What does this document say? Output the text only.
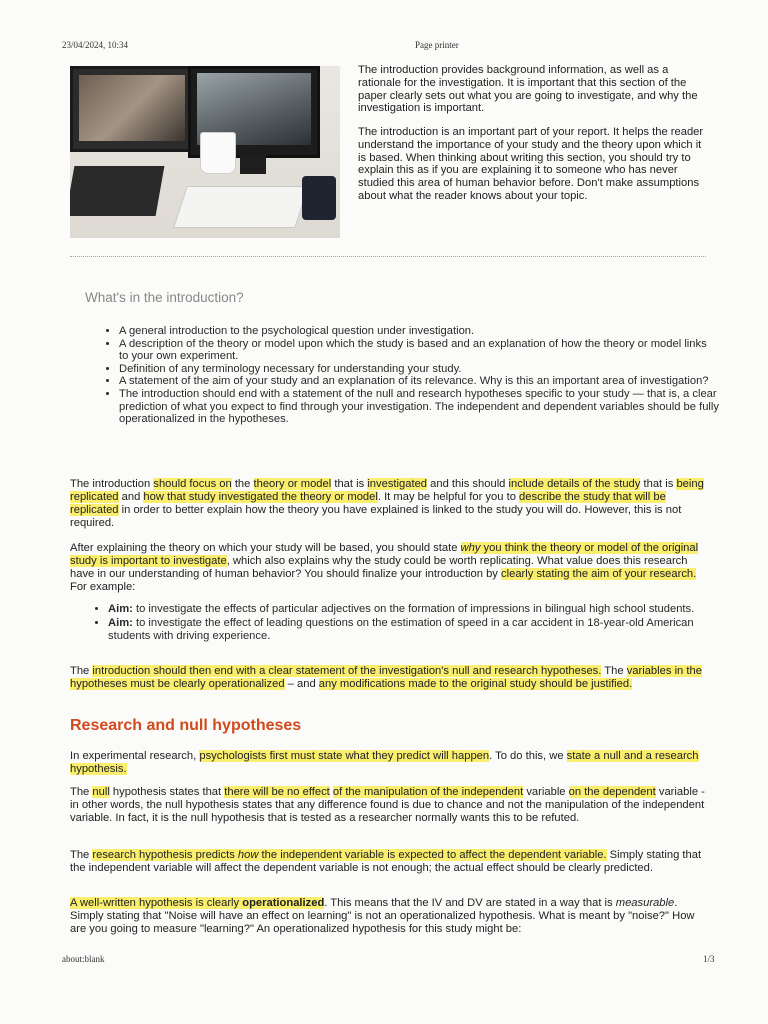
23/04/2024, 10:34	Page printer

The introduction provides background information, as well as a rationale for the investigation. It is important that this section of the paper clearly sets out what you are going to investigate, and why the investigation is important.

The introduction is an important part of your report. It helps the reader understand the importance of your study and the theory upon which it is based. When thinking about writing this section, you should try to explain this as if you are explaining it to someone who has never studied this area of human behavior before. Don't make assumptions about what the reader knows about your topic.

What's in the introduction?
• A general introduction to the psychological question under investigation.
• A description of the theory or model upon which the study is based and an explanation of how the theory or model links to your own experiment.
• Definition of any terminology necessary for understanding your study.
• A statement of the aim of your study and an explanation of its relevance. Why is this an important area of investigation?
• The introduction should end with a statement of the null and research hypotheses specific to your study — that is, a clear prediction of what you expect to find through your investigation. The independent and dependent variables should be fully operationalized in the hypotheses.

The introduction should focus on the theory or model that is investigated and this should include details of the study that is being replicated and how that study investigated the theory or model. It may be helpful for you to describe the study that will be replicated in order to better explain how the theory you have explained is linked to the study you will do. However, this is not required.

After explaining the theory on which your study will be based, you should state why you think the theory or model of the original study is important to investigate, which also explains why the study could be worth replicating. What value does this research have in our understanding of human behavior? You should finalize your introduction by clearly stating the aim of your research. For example:

• Aim: to investigate the effects of particular adjectives on the formation of impressions in bilingual high school students.
• Aim: to investigate the effect of leading questions on the estimation of speed in a car accident in 18-year-old American students with driving experience.

The introduction should then end with a clear statement of the investigation's null and research hypotheses. The variables in the hypotheses must be clearly operationalized – and any modifications made to the original study should be justified.

Research and null hypotheses

In experimental research, psychologists first must state what they predict will happen. To do this, we state a null and a research hypothesis.

The null hypothesis states that there will be no effect of the manipulation of the independent variable on the dependent variable -in other words, the null hypothesis states that any difference found is due to chance and not the manipulation of the independent variable. In fact, it is the null hypothesis that is tested as a researcher normally wants this to be refuted.

The research hypothesis predicts how the independent variable is expected to affect the dependent variable. Simply stating that the independent variable will affect the dependent variable is not enough; the actual effect should be clearly predicted.

A well-written hypothesis is clearly operationalized. This means that the IV and DV are stated in a way that is measurable. Simply stating that "Noise will have an effect on learning" is not an operationalized hypothesis. What is meant by "noise?" How are you going to measure "learning?" An operationalized hypothesis for this study might be:

about:blank	1/3
